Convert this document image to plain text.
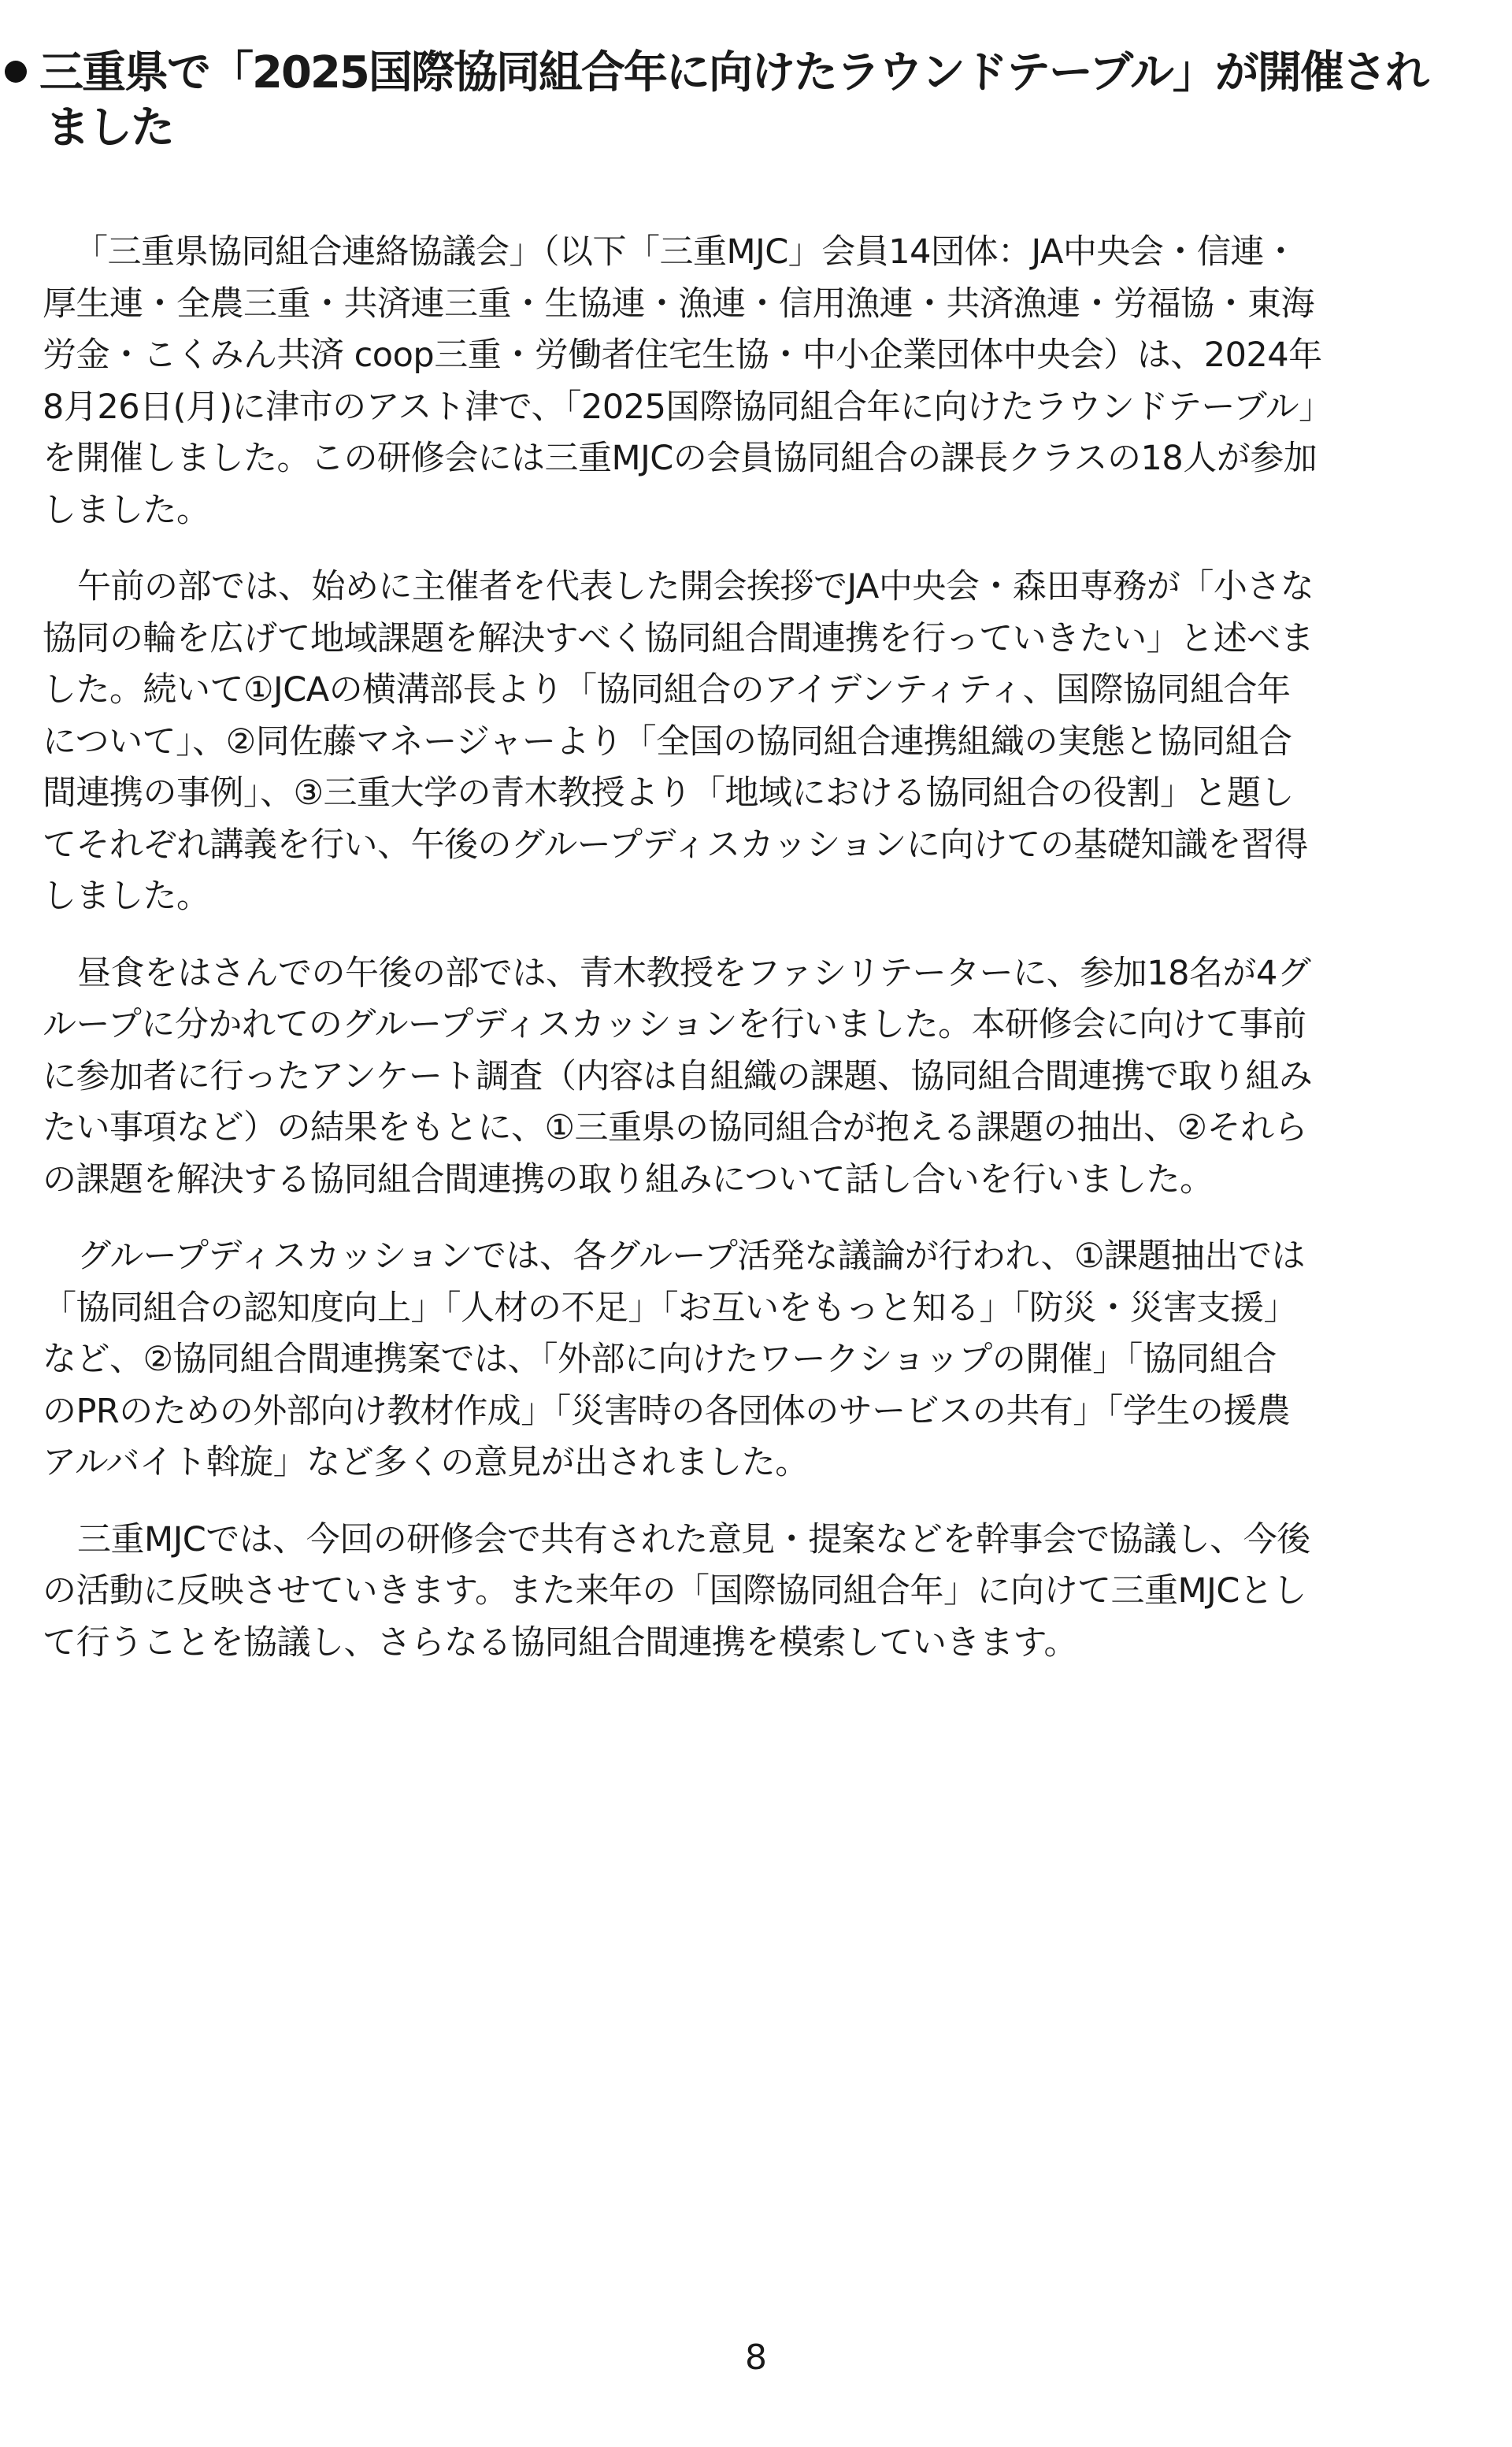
三重県で「2025国際協同組合年に向けたラウンドテーブル」が開催され
ました
「三重県協同組合連絡協議会」（以下「三重MJC」会員14団体：JA中央会・信連・
厚生連・全農三重・共済連三重・生協連・漁連・信用漁連・共済漁連・労福協・東海
労金・こくみん共済 coop三重・労働者住宅生協・中小企業団体中央会）は、2024年
8月26日(月)に津市のアスト津で、「2025国際協同組合年に向けたラウンドテーブル」
を開催しました。この研修会には三重MJCの会員協同組合の課長クラスの18人が参加
しました。
午前の部では、始めに主催者を代表した開会挨拶でJA中央会・森田専務が「小さな
協同の輪を広げて地域課題を解決すべく協同組合間連携を行っていきたい」と述べま
した。続いて①JCAの横溝部長より「協同組合のアイデンティティ、国際協同組合年
について」、②同佐藤マネージャーより「全国の協同組合連携組織の実態と協同組合
間連携の事例」、③三重大学の青木教授より「地域における協同組合の役割」と題し
てそれぞれ講義を行い、午後のグループディスカッションに向けての基礎知識を習得
しました。
昼食をはさんでの午後の部では、青木教授をファシリテーターに、参加18名が4グ
ループに分かれてのグループディスカッションを行いました。本研修会に向けて事前
に参加者に行ったアンケート調査（内容は自組織の課題、協同組合間連携で取り組み
たい事項など）の結果をもとに、①三重県の協同組合が抱える課題の抽出、②それら
の課題を解決する協同組合間連携の取り組みについて話し合いを行いました。
グループディスカッションでは、各グループ活発な議論が行われ、①課題抽出では
「協同組合の認知度向上」「人材の不足」「お互いをもっと知る」「防災・災害支援」
など、②協同組合間連携案では、「外部に向けたワークショップの開催」「協同組合
のPRのための外部向け教材作成」「災害時の各団体のサービスの共有」「学生の援農
アルバイト斡旋」など多くの意見が出されました。
三重MJCでは、今回の研修会で共有された意見・提案などを幹事会で協議し、今後
の活動に反映させていきます。また来年の「国際協同組合年」に向けて三重MJCとし
て行うことを協議し、さらなる協同組合間連携を模索していきます。
8
